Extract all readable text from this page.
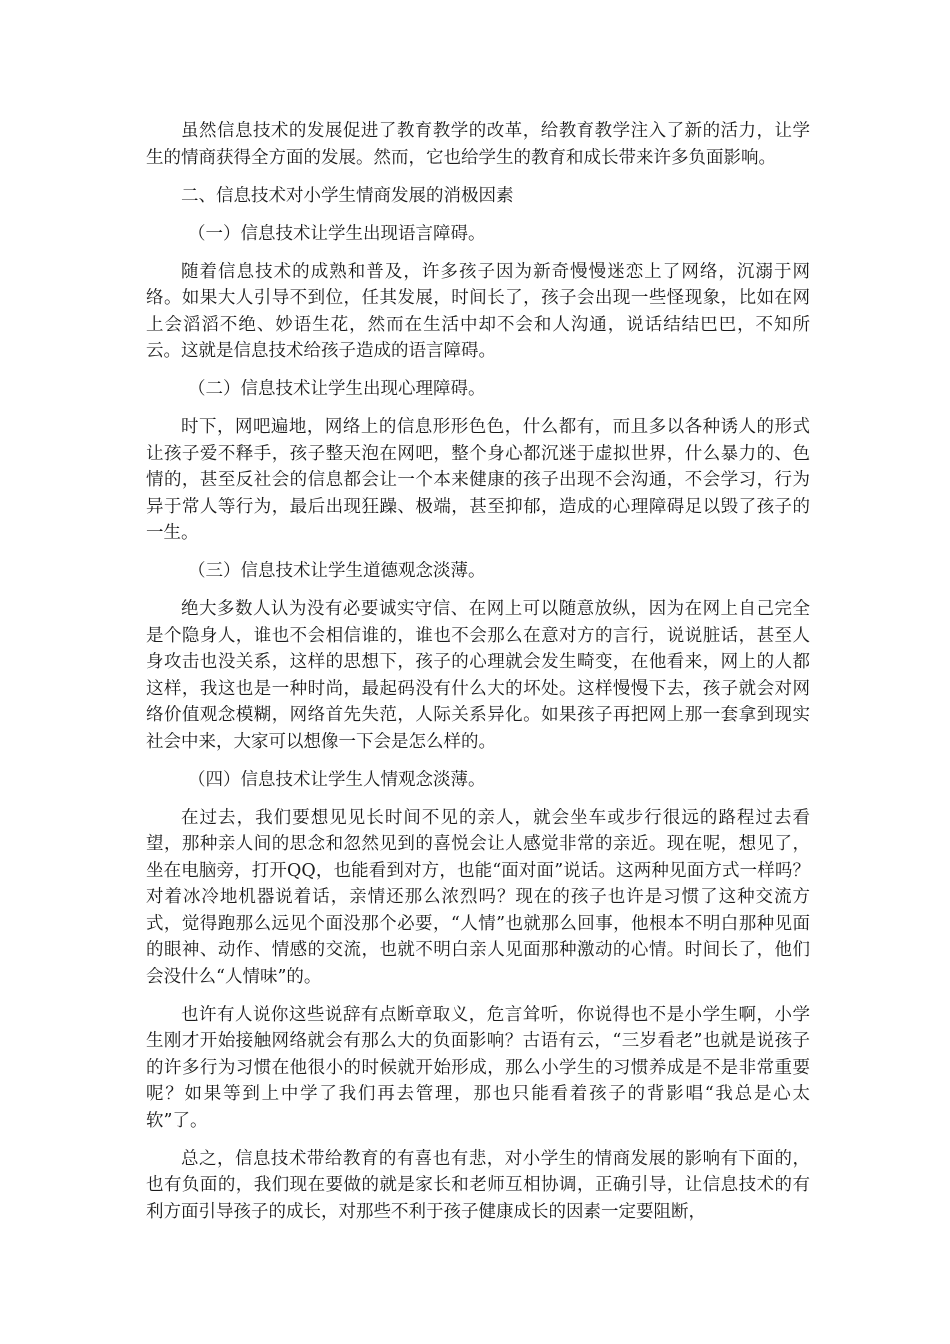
虽然信息技术的发展促进了教育教学的改革，给教育教学注入了新的活力，让学生的情商获得全方面的发展。然而，它也给学生的教育和成长带来许多负面影响。

二、信息技术对小学生情商发展的消极因素

（一）信息技术让学生出现语言障碍。

随着信息技术的成熟和普及，许多孩子因为新奇慢慢迷恋上了网络，沉溺于网络。如果大人引导不到位，任其发展，时间长了，孩子会出现一些怪现象，比如在网上会滔滔不绝、妙语生花，然而在生活中却不会和人沟通，说话结结巴巴，不知所云。这就是信息技术给孩子造成的语言障碍。

（二）信息技术让学生出现心理障碍。

时下，网吧遍地，网络上的信息形形色色，什么都有，而且多以各种诱人的形式让孩子爱不释手，孩子整天泡在网吧，整个身心都沉迷于虚拟世界，什么暴力的、色情的，甚至反社会的信息都会让一个本来健康的孩子出现不会沟通，不会学习，行为异于常人等行为，最后出现狂躁、极端，甚至抑郁，造成的心理障碍足以毁了孩子的一生。

（三）信息技术让学生道德观念淡薄。

绝大多数人认为没有必要诚实守信、在网上可以随意放纵，因为在网上自己完全是个隐身人，谁也不会相信谁的，谁也不会那么在意对方的言行，说说脏话，甚至人身攻击也没关系，这样的思想下，孩子的心理就会发生畸变，在他看来，网上的人都这样，我这也是一种时尚，最起码没有什么大的坏处。这样慢慢下去，孩子就会对网络价值观念模糊，网络首先失范，人际关系异化。如果孩子再把网上那一套拿到现实社会中来，大家可以想像一下会是怎么样的。

（四）信息技术让学生人情观念淡薄。

在过去，我们要想见见长时间不见的亲人，就会坐车或步行很远的路程过去看望，那种亲人间的思念和忽然见到的喜悦会让人感觉非常的亲近。现在呢，想见了，坐在电脑旁，打开QQ，也能看到对方，也能“面对面”说话。这两种见面方式一样吗？对着冰冷地机器说着话，亲情还那么浓烈吗？现在的孩子也许是习惯了这种交流方式，觉得跑那么远见个面没那个必要，“人情”也就那么回事，他根本不明白那种见面的眼神、动作、情感的交流，也就不明白亲人见面那种激动的心情。时间长了，他们会没什么“人情味”的。

也许有人说你这些说辞有点断章取义，危言耸听，你说得也不是小学生啊，小学生刚才开始接触网络就会有那么大的负面影响？古语有云，“三岁看老”也就是说孩子的许多行为习惯在他很小的时候就开始形成，那么小学生的习惯养成是不是非常重要呢？如果等到上中学了我们再去管理，那也只能看着孩子的背影唱“我总是心太软”了。

总之，信息技术带给教育的有喜也有悲，对小学生的情商发展的影响有下面的，也有负面的，我们现在要做的就是家长和老师互相协调，正确引导，让信息技术的有利方面引导孩子的成长，对那些不利于孩子健康成长的因素一定要阻断，
